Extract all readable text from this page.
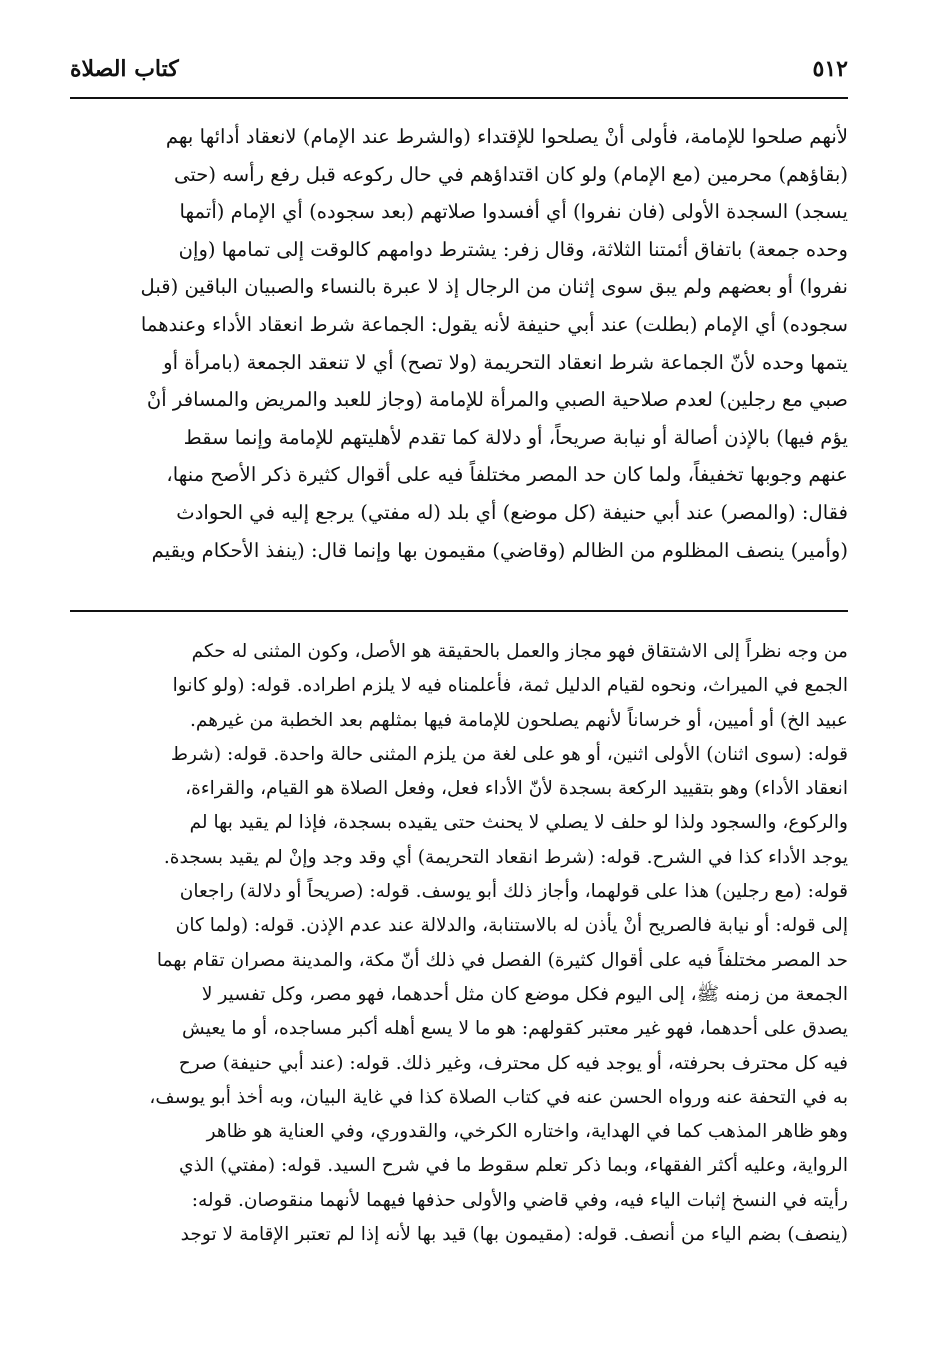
٥١٢
كتاب الصلاة
لأنهم صلحوا للإمامة، فأولى أنْ يصلحوا للإقتداء (والشرط عند الإمام) لانعقاد أدائها بهم
(بقاؤهم) محرمين (مع الإمام) ولو كان اقتداؤهم في حال ركوعه قبل رفع رأسه (حتى
يسجد) السجدة الأولى (فان نفروا) أي أفسدوا صلاتهم (بعد سجوده) أي الإمام (أتمها
وحده جمعة) باتفاق أئمتنا الثلاثة، وقال زفر: يشترط دوامهم كالوقت إلى تمامها (وإن
نفروا) أو بعضهم ولم يبق سوى إثنان من الرجال إذ لا عبرة بالنساء والصبيان الباقين (قبل
سجوده) أي الإمام (بطلت) عند أبي حنيفة لأنه يقول: الجماعة شرط انعقاد الأداء وعندهما
يتمها وحده لأنّ الجماعة شرط انعقاد التحريمة (ولا تصح) أي لا تنعقد الجمعة (بامرأة أو
صبي مع رجلين) لعدم صلاحية الصبي والمرأة للإمامة (وجاز للعبد والمريض والمسافر أنْ
يؤم فيها) بالإذن أصالة أو نيابة صريحاً، أو دلالة كما تقدم لأهليتهم للإمامة وإنما سقط
عنهم وجوبها تخفيفاً، ولما كان حد المصر مختلفاً فيه على أقوال كثيرة ذكر الأصح منها،
فقال: (والمصر) عند أبي حنيفة (كل موضع) أي بلد (له مفتي) يرجع إليه في الحوادث
(وأمير) ينصف المظلوم من الظالم (وقاضي) مقيمون بها وإنما قال: (ينفذ الأحكام ويقيم
من وجه نظراً إلى الاشتقاق فهو مجاز والعمل بالحقيقة هو الأصل، وكون المثنى له حكم
الجمع في الميراث، ونحوه لقيام الدليل ثمة، فأعلمناه فيه لا يلزم اطراده. قوله: (ولو كانوا
عبيد الخ) أو أميين، أو خرساناً لأنهم يصلحون للإمامة فيها بمثلهم بعد الخطبة من غيرهم.
قوله: (سوى اثنان) الأولى اثنين، أو هو على لغة من يلزم المثنى حالة واحدة. قوله: (شرط
انعقاد الأداء) وهو بتقييد الركعة بسجدة لأنّ الأداء فعل، وفعل الصلاة هو القيام، والقراءة،
والركوع، والسجود ولذا لو حلف لا يصلي لا يحنث حتى يقيده بسجدة، فإذا لم يقيد بها لم
يوجد الأداء كذا في الشرح. قوله: (شرط انقعاد التحريمة) أي وقد وجد وإنْ لم يقيد بسجدة.
قوله: (مع رجلين) هذا على قولهما، وأجاز ذلك أبو يوسف. قوله: (صريحاً أو دلالة) راجعان
إلى قوله: أو نيابة فالصريح أنْ يأذن له بالاستنابة، والدلالة عند عدم الإذن. قوله: (ولما كان
حد المصر مختلفاً فيه على أقوال كثيرة) الفصل في ذلك أنّ مكة، والمدينة مصران تقام بهما
الجمعة من زمنه ﷺ، إلى اليوم فكل موضع كان مثل أحدهما، فهو مصر، وكل تفسير لا
يصدق على أحدهما، فهو غير معتبر كقولهم: هو ما لا يسع أهله أكبر مساجده، أو ما يعيش
فيه كل محترف بحرفته، أو يوجد فيه كل محترف، وغير ذلك. قوله: (عند أبي حنيفة) صرح
به في التحفة عنه ورواه الحسن عنه في كتاب الصلاة كذا في غاية البيان، وبه أخذ أبو يوسف،
وهو ظاهر المذهب كما في الهداية، واختاره الكرخي، والقدوري، وفي العناية هو ظاهر
الرواية، وعليه أكثر الفقهاء، وبما ذكر تعلم سقوط ما في شرح السيد. قوله: (مفتي) الذي
رأيته في النسخ إثبات الياء فيه، وفي قاضي والأولى حذفها فيهما لأنهما منقوصان. قوله:
(ينصف) بضم الياء من أنصف. قوله: (مقيمون بها) قيد بها لأنه إذا لم تعتبر الإقامة لا توجد
